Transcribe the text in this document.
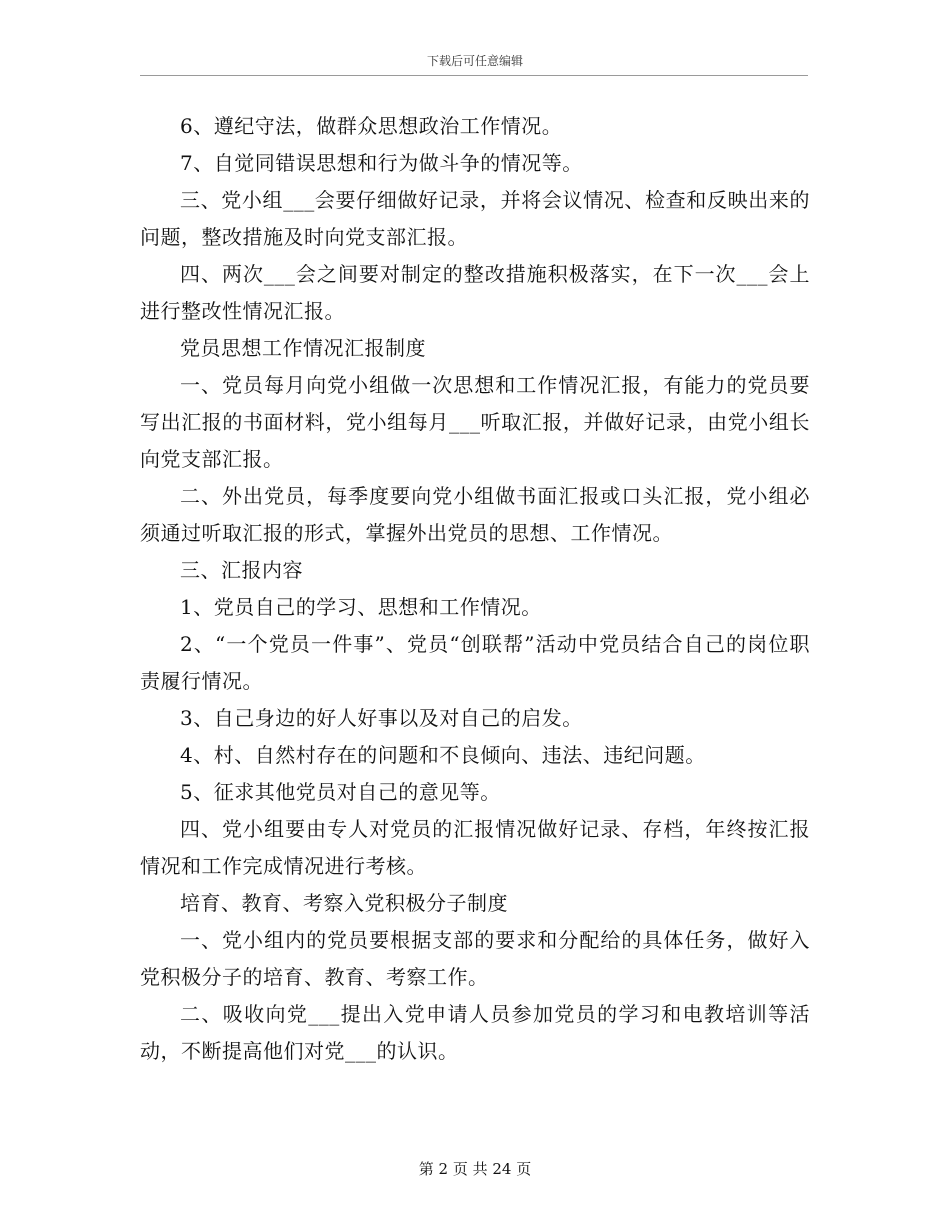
下载后可任意编辑

6、遵纪守法，做群众思想政治工作情况。

7、自觉同错误思想和行为做斗争的情况等。

三、党小组___会要仔细做好记录，并将会议情况、检查和反映出来的问题，整改措施及时向党支部汇报。

四、两次___会之间要对制定的整改措施积极落实，在下一次___会上进行整改性情况汇报。

党员思想工作情况汇报制度

一、党员每月向党小组做一次思想和工作情况汇报，有能力的党员要写出汇报的书面材料，党小组每月___听取汇报，并做好记录，由党小组长向党支部汇报。

二、外出党员，每季度要向党小组做书面汇报或口头汇报，党小组必须通过听取汇报的形式，掌握外出党员的思想、工作情况。

三、汇报内容

1、党员自己的学习、思想和工作情况。

2、“一个党员一件事”、党员“创联帮”活动中党员结合自己的岗位职责履行情况。

3、自己身边的好人好事以及对自己的启发。

4、村、自然村存在的问题和不良倾向、违法、违纪问题。

5、征求其他党员对自己的意见等。

四、党小组要由专人对党员的汇报情况做好记录、存档，年终按汇报情况和工作完成情况进行考核。

培育、教育、考察入党积极分子制度

一、党小组内的党员要根据支部的要求和分配给的具体任务，做好入党积极分子的培育、教育、考察工作。

二、吸收向党___提出入党申请人员参加党员的学习和电教培训等活动，不断提高他们对党___的认识。

第 2 页 共 24 页
